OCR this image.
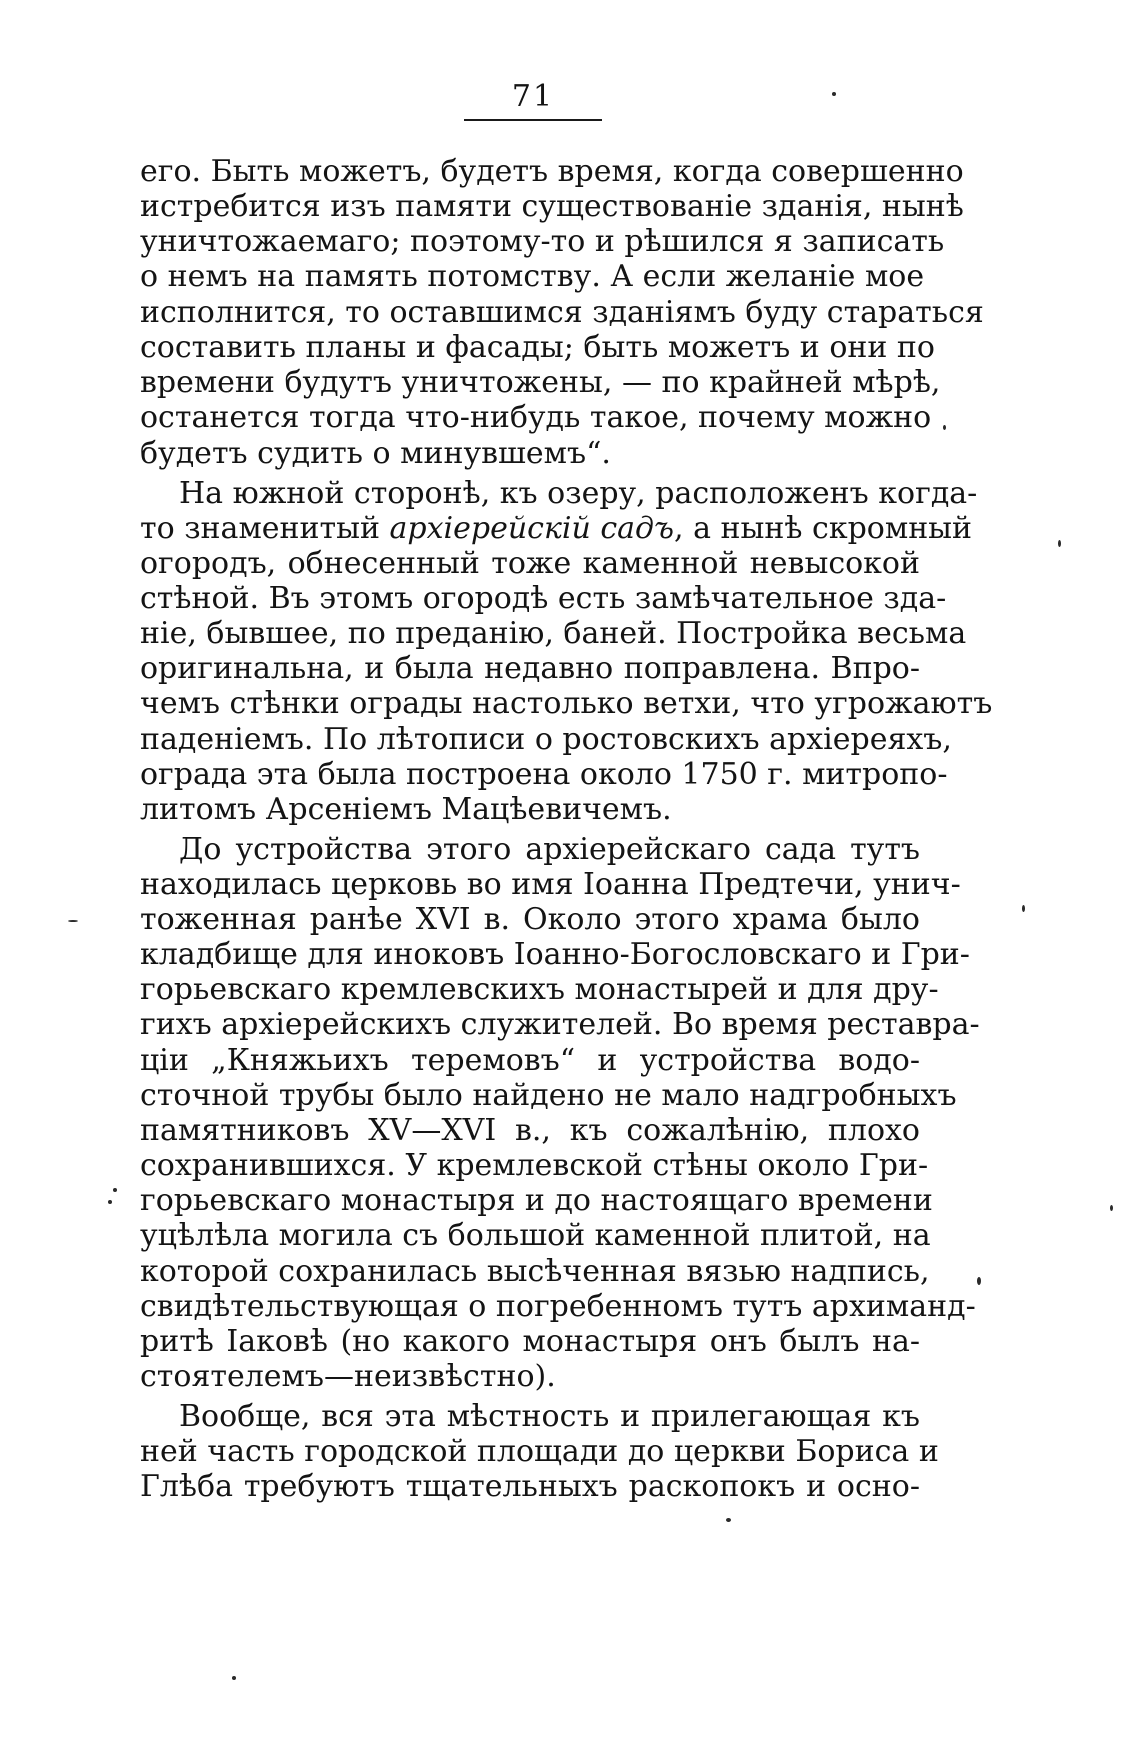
71
его. Быть можетъ, будетъ время, когда совершенно
истребится изъ памяти существованіе зданія, нынѣ
уничтожаемаго; поэтому-то и рѣшился я записать
о немъ на память потомству. А если желаніе мое
исполнится, то оставшимся зданіямъ буду стараться
составить планы и фасады; быть можетъ и они по
времени будутъ уничтожены, — по крайней мѣрѣ,
останется тогда что-нибудь такое, почему можно
будетъ судить о минувшемъ“.
На южной сторонѣ, къ озеру, расположенъ когда-
то знаменитый архіерейскій садъ, а нынѣ скромный
огородъ, обнесенный тоже каменной невысокой
стѣной. Въ этомъ огородѣ есть замѣчательное зда-
ніе, бывшее, по преданію, баней. Постройка весьма
оригинальна, и была недавно поправлена. Впро-
чемъ стѣнки ограды настолько ветхи, что угрожаютъ
паденіемъ. По лѣтописи о ростовскихъ архіереяхъ,
ограда эта была построена около 1750 г. митропо-
литомъ Арсеніемъ Мацѣевичемъ.
До устройства этого архіерейскаго сада тутъ
находилась церковь во имя Іоанна Предтечи, унич-
тоженная ранѣе XVI в. Около этого храма было
кладбище для иноковъ Іоанно-Богословскаго и Гри-
горьевскаго кремлевскихъ монастырей и для дру-
гихъ архіерейскихъ служителей. Во время реставра-
ціи „Княжьихъ теремовъ“ и устройства водо-
сточной трубы было найдено не мало надгробныхъ
памятниковъ XV—XVI в., къ сожалѣнію, плохо
сохранившихся. У кремлевской стѣны около Гри-
горьевскаго монастыря и до настоящаго времени
уцѣлѣла могила съ большой каменной плитой, на
которой сохранилась высѣченная вязью надпись,
свидѣтельствующая о погребенномъ тутъ архиманд-
ритѣ Іаковѣ (но какого монастыря онъ былъ на-
стоятелемъ—неизвѣстно).
Вообще, вся эта мѣстность и прилегающая къ
ней часть городской площади до церкви Бориса и
Глѣба требуютъ тщательныхъ раскопокъ и осно-
